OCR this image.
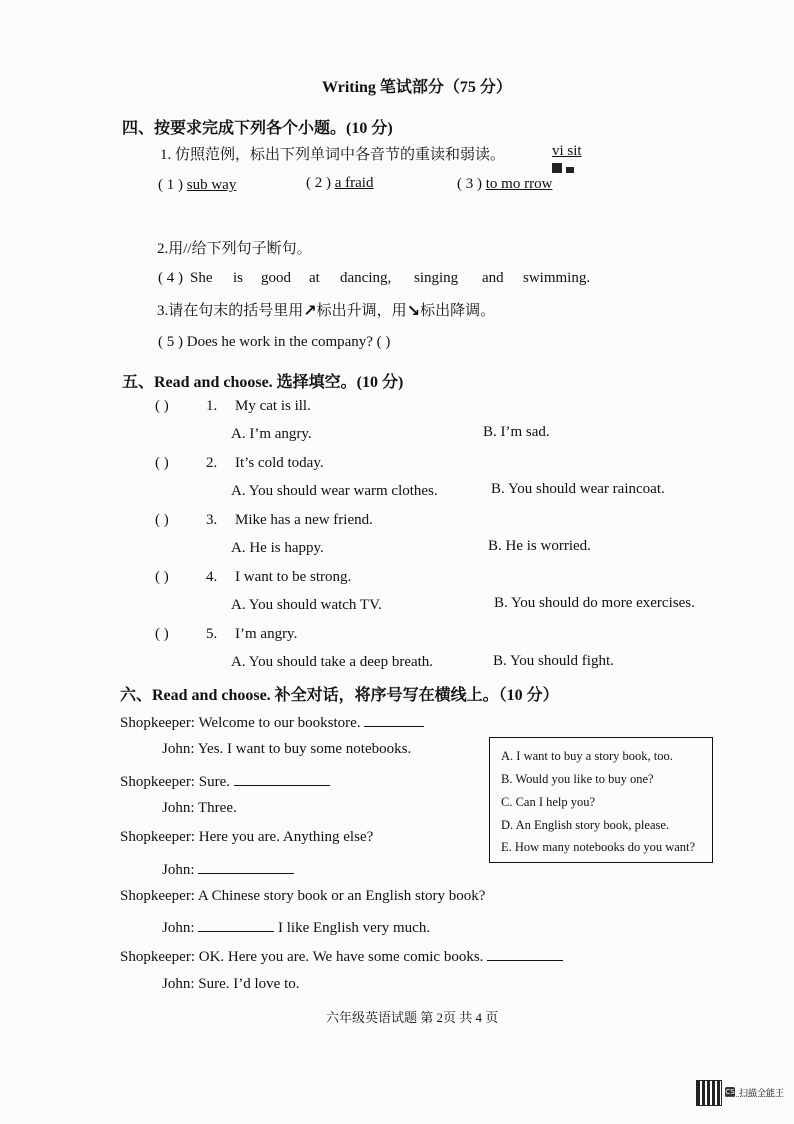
Writing 笔试部分（75 分）
四、按要求完成下列各个小题。(10 分)
1. 仿照范例，标出下列单词中各音节的重读和弱读。	vi sit

( 1 ) sub way	( 2 ) a fraid	( 3 ) to mo rrow
2.用//给下列句子断句。
( 4 ) She is good at dancing, singing and swimming.
3.请在句末的括号里用↗标出升调，用↘标出降调。
( 5 ) Does he work in the company? ( )
五、Read and choose. 选择填空。(10 分)
( ) 1. My cat is ill.
A. I’m angry.	B. I’m sad.
( ) 2. It’s cold today.
A. You should wear warm clothes.	B. You should wear raincoat.
( ) 3. Mike has a new friend.
A. He is happy.	B. He is worried.
( ) 4. I want to be strong.
A. You should watch TV.	B. You should do more exercises.
( ) 5. I’m angry.
A. You should take a deep breath.	B. You should fight.
六、Read and choose. 补全对话，将序号写在横线上。（10 分）
Shopkeeper: Welcome to our bookstore.
John: Yes. I want to buy some notebooks.
Shopkeeper: Sure.
John: Three.
Shopkeeper: Here you are. Anything else?
John:
Shopkeeper: A Chinese story book or an English story book?
John:	I like English very much.
Shopkeeper: OK. Here you are. We have some comic books.
John: Sure. I’d love to.
A. I want to buy a story book, too.
B. Would you like to buy one?
C. Can I help you?
D. An English story book, please.
E. How many notebooks do you want?
六年级英语试题 第 2页 共 4 页
CS 扫描全能王
